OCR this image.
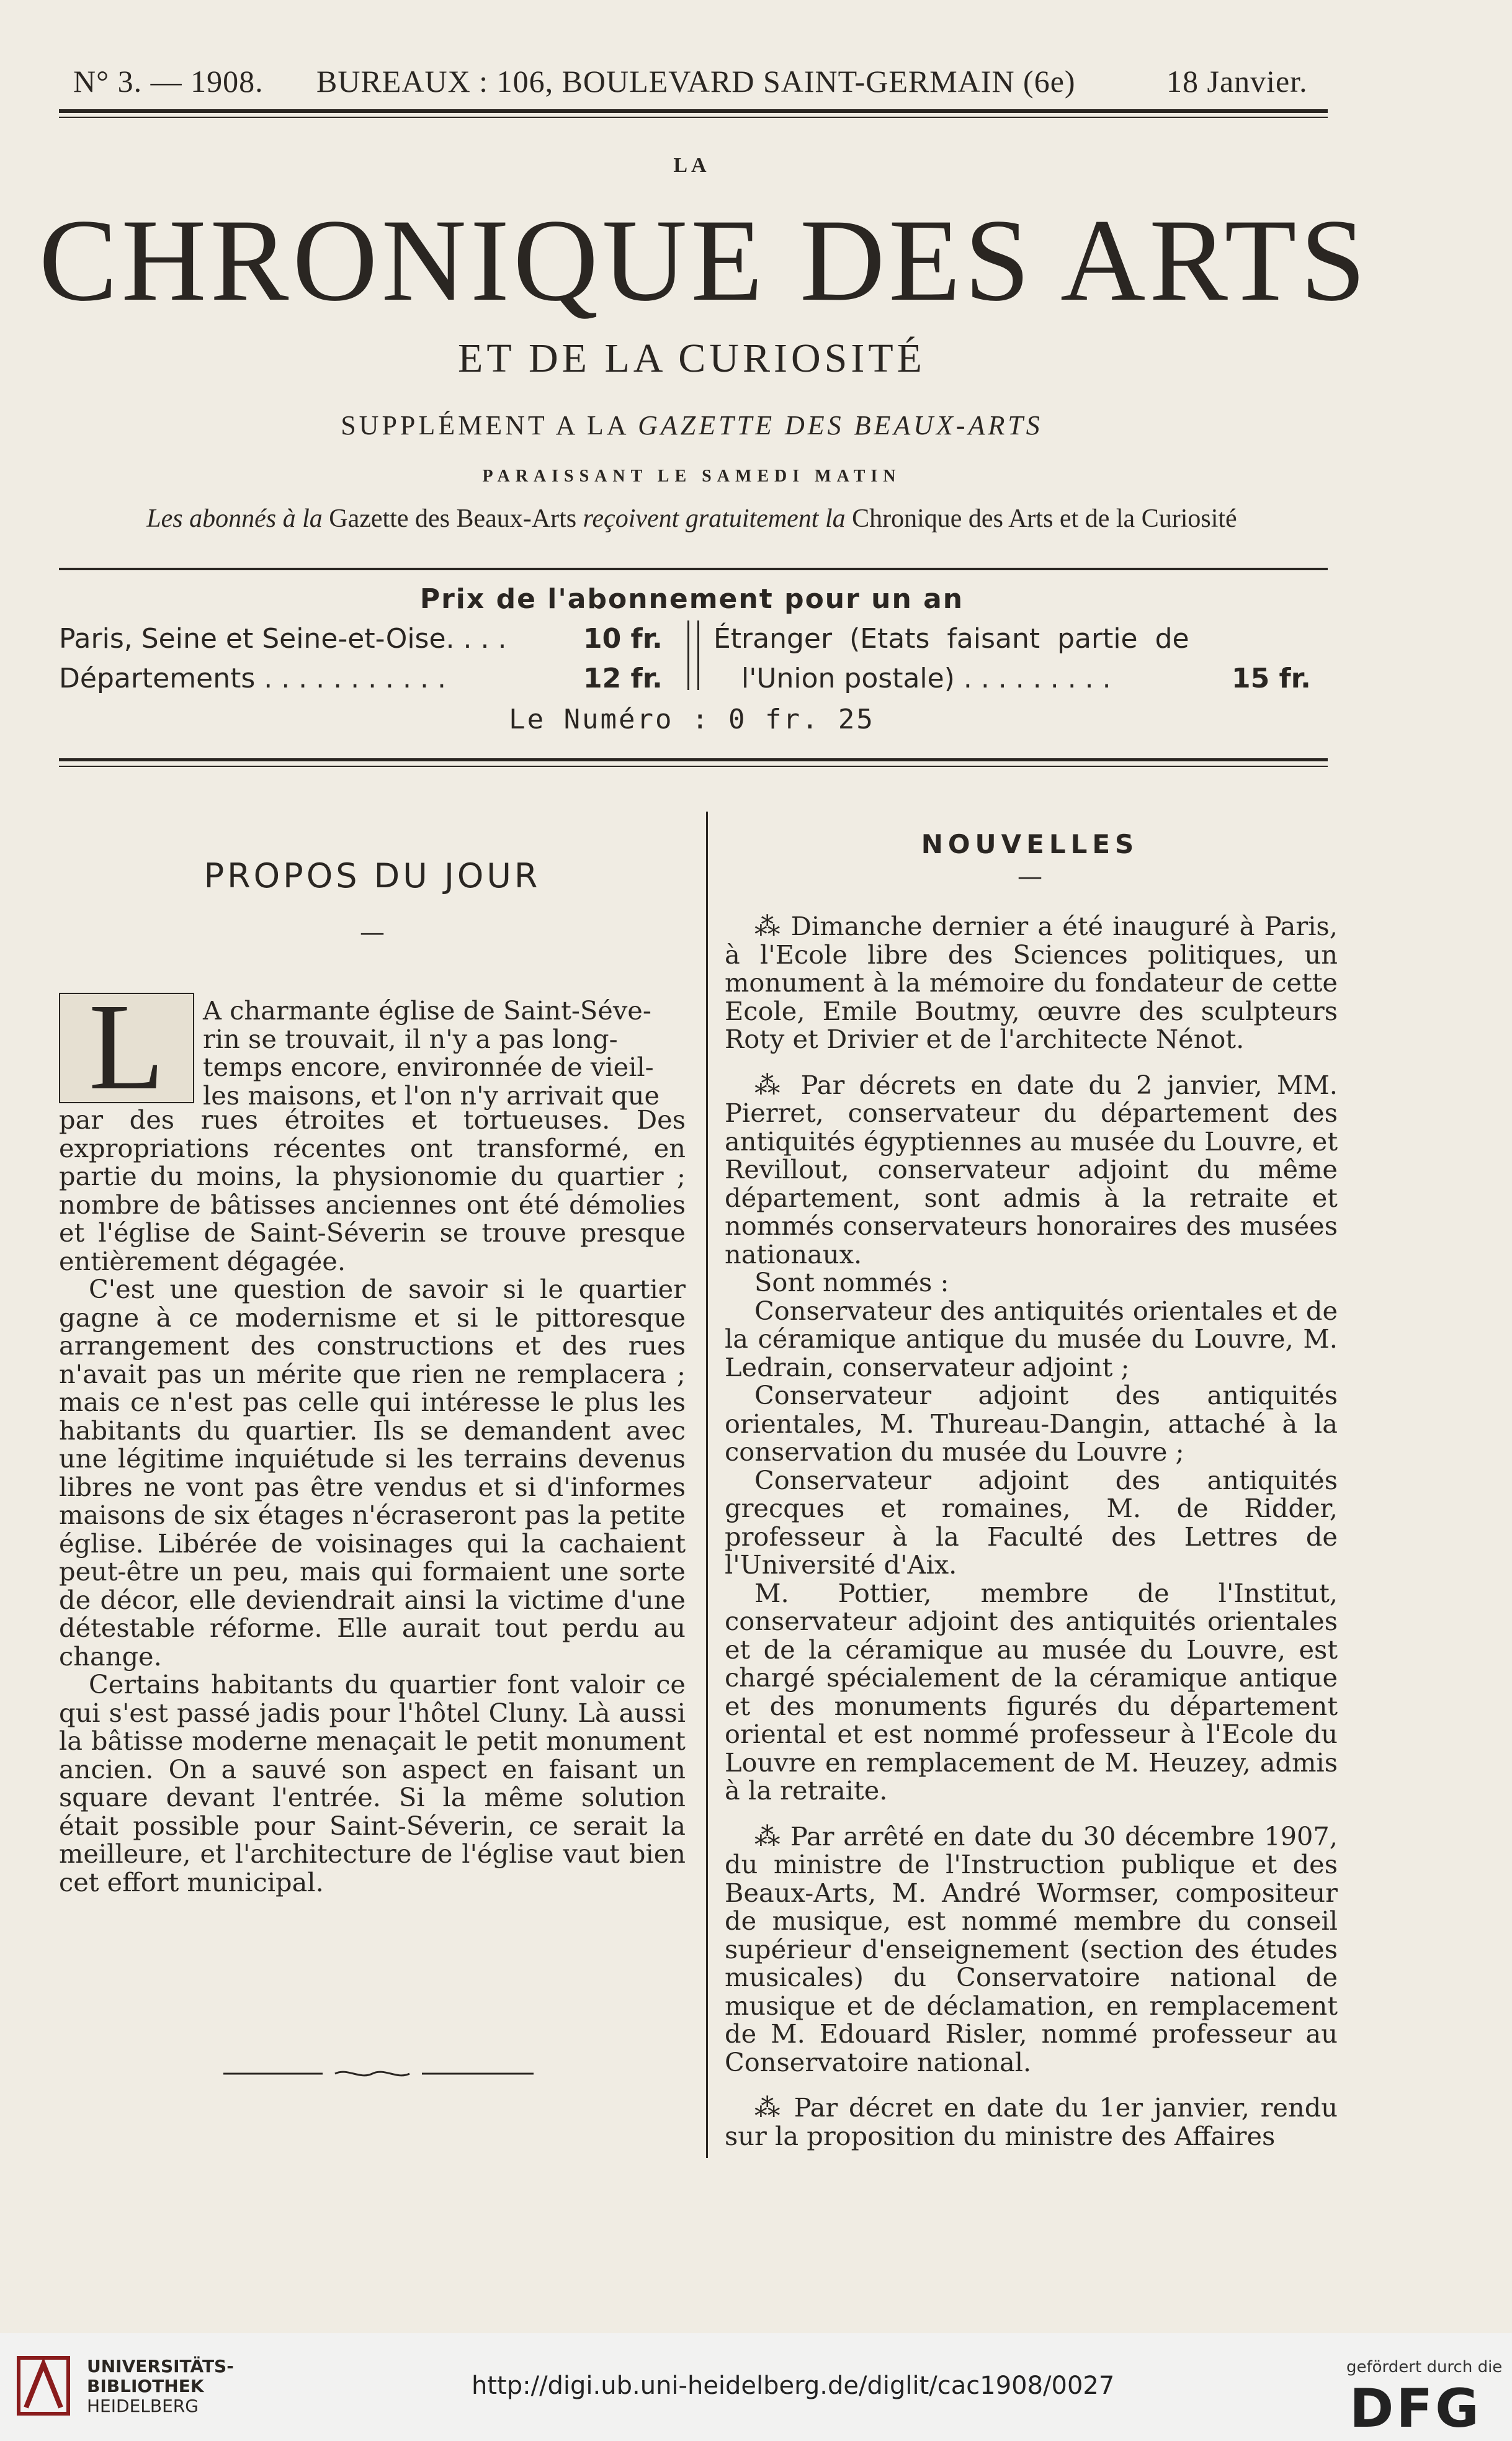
N° 3. — 1908. BUREAUX : 106, BOULEVARD SAINT-GERMAIN (6e)	18 Janvier.
LA
CHRONIQUE DES ARTS
ET DE LA CURIOSITÉ
SUPPLÉMENT A LA GAZETTE DES BEAUX-ARTS
PARAISSANT LE SAMEDI MATIN
Les abonnés à la Gazette des Beaux-Arts reçoivent gratuitement la Chronique des Arts et de la Curiosité
Prix de l'abonnement pour un an
Paris, Seine et Seine-et-Oise. . . .	10 fr.
Départements . . . . . . . . . . .	12 fr.
Étranger (Etats faisant partie de
l'Union postale) . . . . . . . . .	15 fr.
Le Numéro : 0 fr. 25
PROPOS DU JOUR
—
L	A charmante église de Saint-Séve-
rin se trouvait, il n'y a pas long-
temps encore, environnée de vieil-
les maisons, et l'on n'y arrivait que

par des rues étroites et tortueuses. Des expropriations récentes ont transformé, en partie du moins, la physionomie du quartier ; nombre de bâtisses anciennes ont été démolies et l'église de Saint-Séverin se trouve presque entièrement dégagée.

C'est une question de savoir si le quartier gagne à ce modernisme et si le pittoresque arrangement des constructions et des rues n'avait pas un mérite que rien ne remplacera ; mais ce n'est pas celle qui intéresse le plus les habitants du quartier. Ils se demandent avec une légitime inquiétude si les terrains devenus libres ne vont pas être vendus et si d'informes maisons de six étages n'écraseront pas la petite église. Libérée de voisinages qui la cachaient peut-être un peu, mais qui formaient une sorte de décor, elle deviendrait ainsi la victime d'une détestable réforme. Elle aurait tout perdu au change.

Certains habitants du quartier font valoir ce qui s'est passé jadis pour l'hôtel Cluny. Là aussi la bâtisse moderne menaçait le petit monument ancien. On a sauvé son aspect en faisant un square devant l'entrée. Si la même solution était possible pour Saint-Séverin, ce serait la meilleure, et l'architecture de l'église vaut bien cet effort municipal.

NOUVELLES
—

⁂ Dimanche dernier a été inauguré à Paris, à l'Ecole libre des Sciences politiques, un monument à la mémoire du fondateur de cette Ecole, Emile Boutmy, œuvre des sculpteurs Roty et Drivier et de l'architecte Nénot.

⁂ Par décrets en date du 2 janvier, MM. Pierret, conservateur du département des antiquités égyptiennes au musée du Louvre, et Revillout, conservateur adjoint du même département, sont admis à la retraite et nommés conservateurs honoraires des musées nationaux.

Sont nommés :

Conservateur des antiquités orientales et de la céramique antique du musée du Louvre, M. Ledrain, conservateur adjoint ;

Conservateur adjoint des antiquités orientales, M. Thureau-Dangin, attaché à la conservation du musée du Louvre ;

Conservateur adjoint des antiquités grecques et romaines, M. de Ridder, professeur à la Faculté des Lettres de l'Université d'Aix.

M. Pottier, membre de l'Institut, conservateur adjoint des antiquités orientales et de la céramique au musée du Louvre, est chargé spécialement de la céramique antique et des monuments figurés du département oriental et est nommé professeur à l'Ecole du Louvre en remplacement de M. Heuzey, admis à la retraite.

⁂ Par arrêté en date du 30 décembre 1907, du ministre de l'Instruction publique et des Beaux-Arts, M. André Wormser, compositeur de musique, est nommé membre du conseil supérieur d'enseignement (section des études musicales) du Conservatoire national de musique et de déclamation, en remplacement de M. Edouard Risler, nommé professeur au Conservatoire national.

⁂ Par décret en date du 1er janvier, rendu sur la proposition du ministre des Affaires

UNIVERSITÄTS-
BIBLIOTHEK
HEIDELBERG
http://digi.ub.uni-heidelberg.de/diglit/cac1908/0027
gefördert durch die
DFG
